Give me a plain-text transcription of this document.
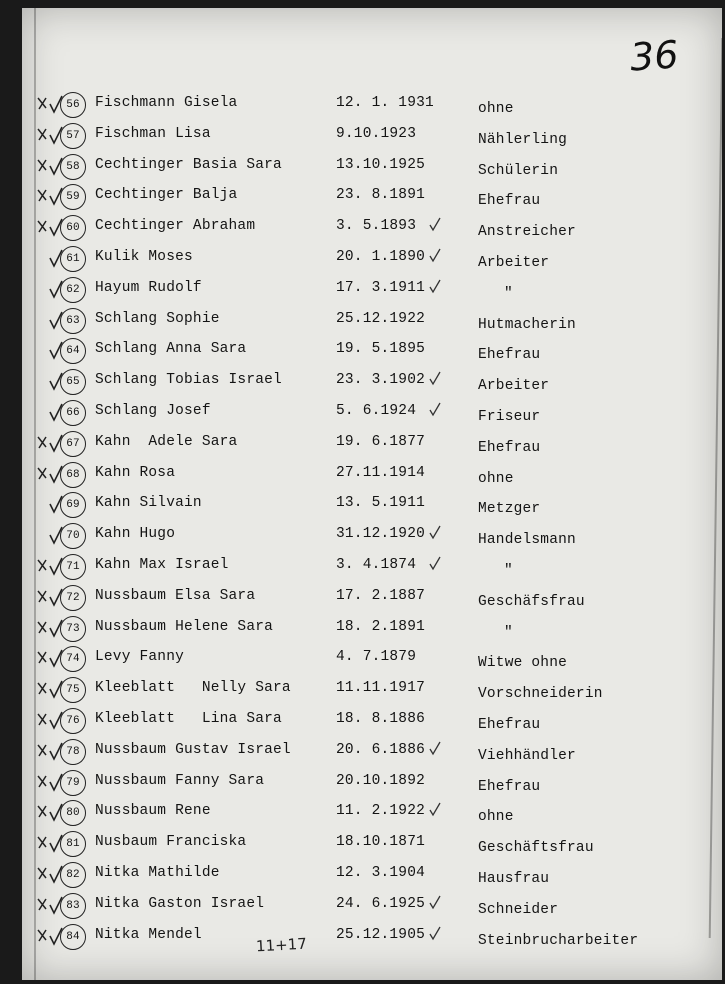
36
56	Fischmann Gisela	12. 1. 1931	ohne
57	Fischman Lisa	9.10.1923	Nählerling
58	Cechtinger Basia Sara	13.10.1925	Schülerin
59	Cechtinger Balja	23. 8.1891	Ehefrau
60	Cechtinger Abraham	3. 5.1893	Anstreicher
61	Kulik Moses	20. 1.1890	Arbeiter
62	Hayum Rudolf	17. 3.1911	"
63	Schlang Sophie	25.12.1922	Hutmacherin
64	Schlang Anna Sara	19. 5.1895	Ehefrau
65	Schlang Tobias Israel	23. 3.1902	Arbeiter
66	Schlang Josef	5. 6.1924	Friseur
67	Kahn  Adele Sara	19. 6.1877	Ehefrau
68	Kahn Rosa	27.11.1914	ohne
69	Kahn Silvain	13. 5.1911	Metzger
70	Kahn Hugo	31.12.1920	Handelsmann
71	Kahn Max Israel	3. 4.1874	"
72	Nussbaum Elsa Sara	17. 2.1887	Geschäfsfrau
73	Nussbaum Helene Sara	18. 2.1891	"
74	Levy Fanny	4. 7.1879	Witwe ohne
75	Kleeblatt   Nelly Sara	11.11.1917	Vorschneiderin
76	Kleeblatt   Lina Sara	18. 8.1886	Ehefrau
78	Nussbaum Gustav Israel	20. 6.1886	Viehhändler
79	Nussbaum Fanny Sara	20.10.1892	Ehefrau
80	Nussbaum Rene	11. 2.1922	ohne
81	Nusbaum Franciska	18.10.1871	Geschäftsfrau
82	Nitka Mathilde	12. 3.1904	Hausfrau
83	Nitka Gaston Israel	24. 6.1925	Schneider
84	Nitka Mendel	25.12.1905	Steinbrucharbeiter
11+17
